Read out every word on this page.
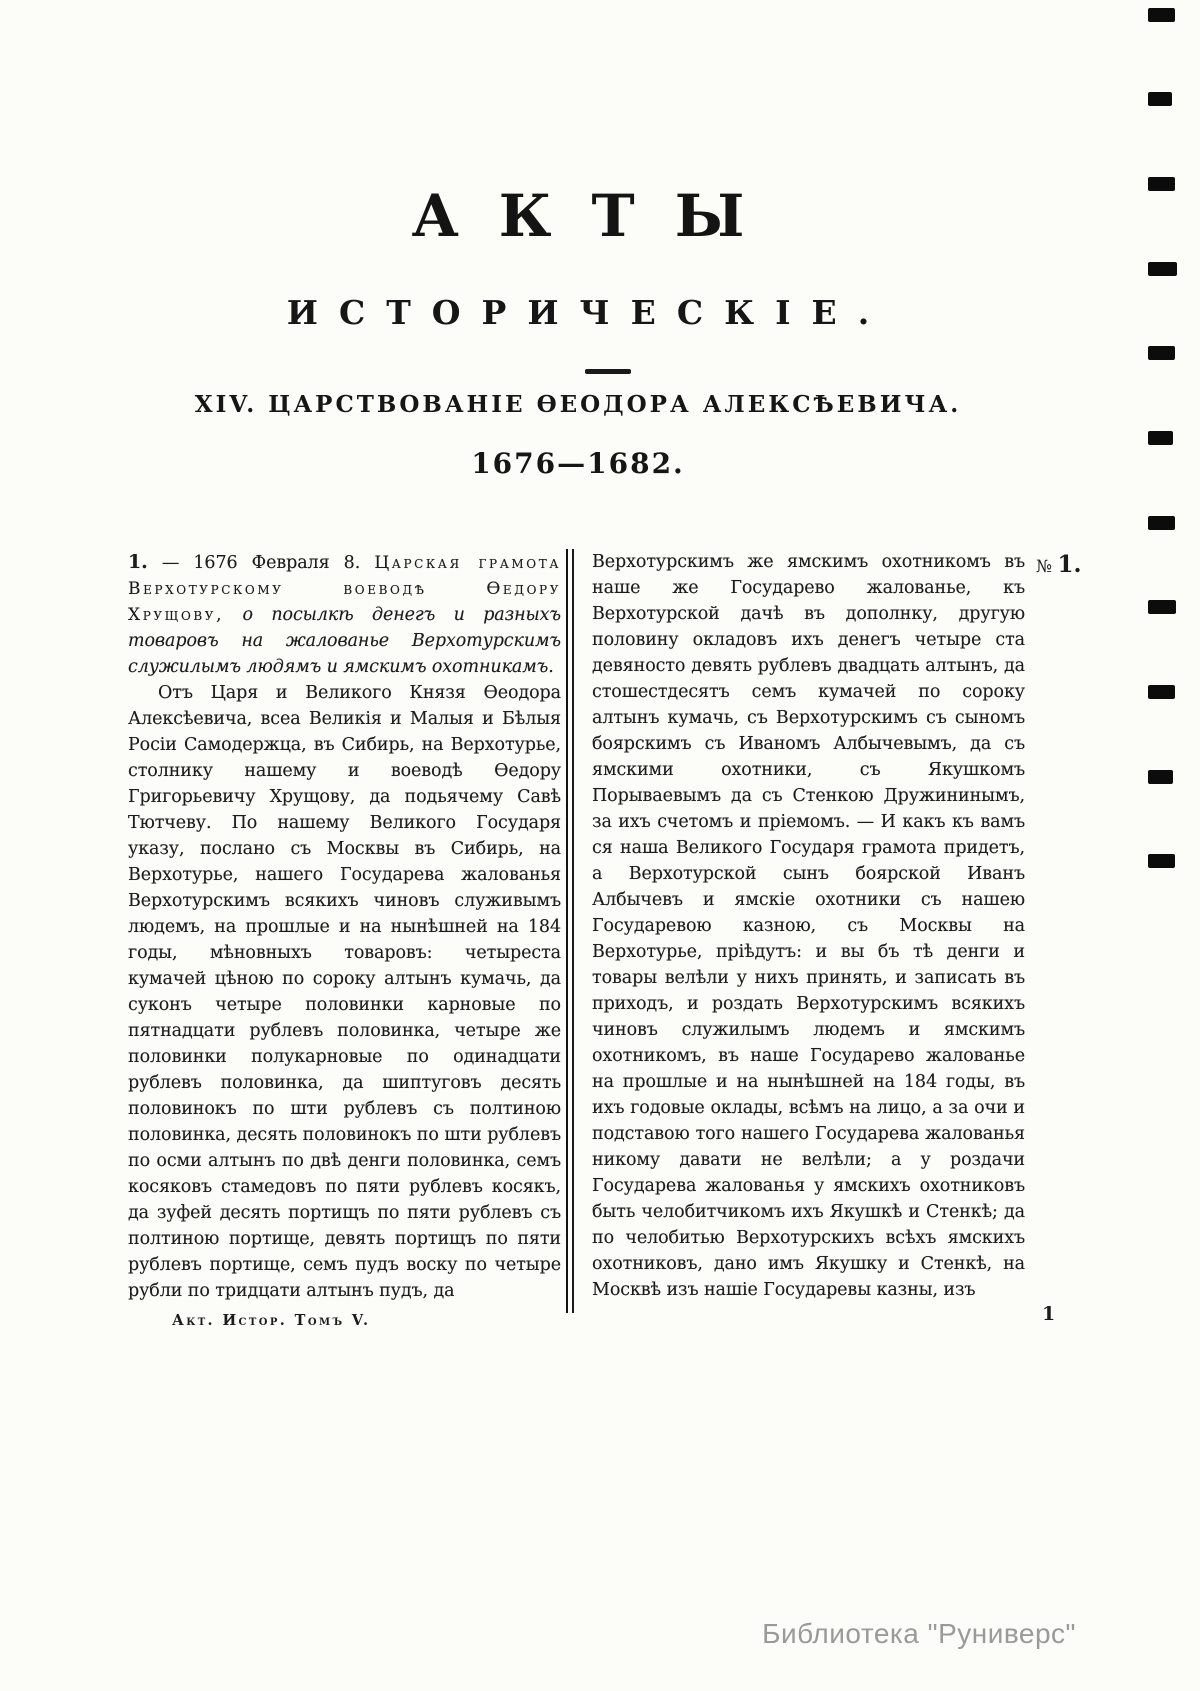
АКТЫ
ИСТОРИЧЕСКІЕ.
XIV. ЦАРСТВОВАНІЕ ѲЕОДОРА АЛЕКСѢЕВИЧА.
1676—1682.
№ 1.

1. — 1676 Февраля 8. Царская грамота Верхотурскому воеводѣ Ѳедору Хрущову, о посылкѣ денегъ и разныхъ товаровъ на жалованье Верхотурскимъ служилымъ людямъ и ямскимъ охотникамъ.

Отъ Царя и Великого Князя Ѳеодора Алексѣевича, всеа Великія и Малыя и Бѣлыя Росіи Самодержца, въ Сибирь, на Верхотурье, столнику нашему и воеводѣ Ѳедору Григорьевичу Хрущову, да подьячему Савѣ Тютчеву. По нашему Великого Государя указу, послано съ Москвы въ Сибирь, на Верхотурье, нашего Государева жалованья Верхотурскимъ всякихъ чиновъ служивымъ людемъ, на прошлые и на нынѣшней на 184 годы, мѣновныхъ товаровъ: четыреста кумачей цѣною по сороку алтынъ кумачь, да суконъ четыре половинки карновые по пятнадцати рублевъ половинка, четыре же половинки полукарновые по одинадцати рублевъ половинка, да шиптуговъ десять половинокъ по шти рублевъ съ полтиною половинка, десять половинокъ по шти рублевъ по осми алтынъ по двѣ денги половинка, семъ косяковъ стамедовъ по пяти рублевъ косякъ, да зуфей десять портищъ по пяти рублевъ съ полтиною портище, девять портищъ по пяти рублевъ портище, семъ пудъ воску по четыре рубли по тридцати алтынъ пудъ, да

Верхотурскимъ же ямскимъ охотникомъ въ наше же Государево жалованье, къ Верхотурской дачѣ въ дополнку, другую половину окладовъ ихъ денегъ четыре ста девяносто девять рублевъ двадцать алтынъ, да стошестдесятъ семъ кумачей по сороку алтынъ кумачь, съ Верхотурскимъ съ сыномъ боярскимъ съ Иваномъ Албычевымъ, да съ ямскими охотники, съ Якушкомъ Порываевымъ да съ Стенкою Дружининымъ, за ихъ счетомъ и пріемомъ. — И какъ къ вамъ ся наша Великого Государя грамота придетъ, а Верхотурской сынъ боярской Иванъ Албычевъ и ямскіе охотники съ нашею Государевою казною, съ Москвы на Верхотурье, пріѣдутъ: и вы бъ тѣ денги и товары велѣли у нихъ принять, и записать въ приходъ, и роздать Верхотурскимъ всякихъ чиновъ служилымъ людемъ и ямскимъ охотникомъ, въ наше Государево жалованье на прошлые и на нынѣшней на 184 годы, въ ихъ годовые оклады, всѣмъ на лицо, а за очи и подставою того нашего Государева жалованья никому давати не велѣли; а у роздачи Государева жалованья у ямскихъ охотниковъ быть челобитчикомъ ихъ Якушкѣ и Стенкѣ; да по челобитью Верхотурскихъ всѣхъ ямскихъ охотниковъ, дано имъ Якушку и Стенкѣ, на Москвѣ изъ нашіе Государевы казны, изъ

Акт. Истор. Томъ V.	1
Библиотека "Руниверс"
